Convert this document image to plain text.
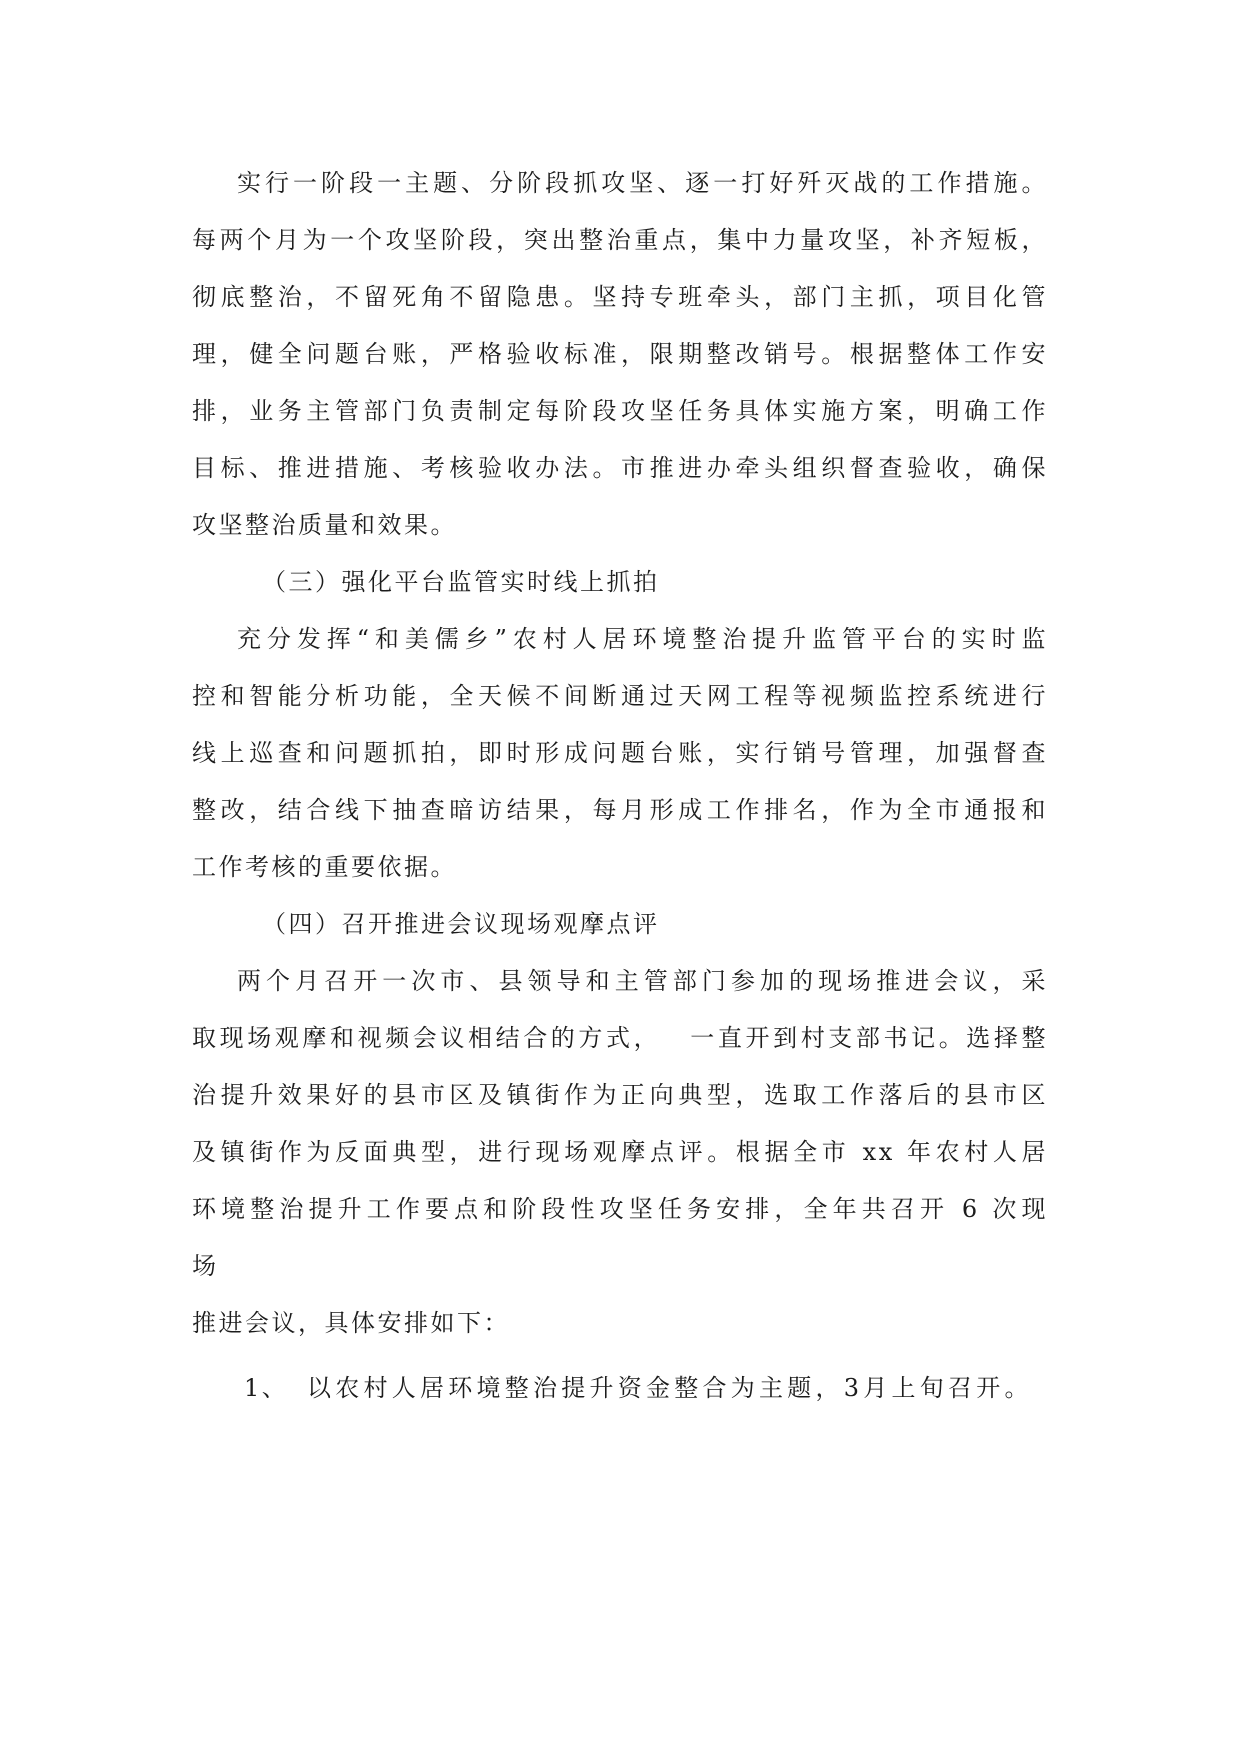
实行一阶段一主题、分阶段抓攻坚、逐一打好歼灭战的工作措施。
每两个月为一个攻坚阶段，突出整治重点，集中力量攻坚，补齐短板，
彻底整治，不留死角不留隐患。坚持专班牵头，部门主抓，项目化管
理，健全问题台账，严格验收标准，限期整改销号。根据整体工作安
排，业务主管部门负责制定每阶段攻坚任务具体实施方案，明确工作
目标、推进措施、考核验收办法。市推进办牵头组织督查验收，确保
攻坚整治质量和效果。
（三）强化平台监管实时线上抓拍
充分发挥“和美儒乡”农村人居环境整治提升监管平台的实时监
控和智能分析功能，全天候不间断通过天网工程等视频监控系统进行
线上巡查和问题抓拍，即时形成问题台账，实行销号管理，加强督查
整改，结合线下抽查暗访结果，每月形成工作排名，作为全市通报和
工作考核的重要依据。
（四）召开推进会议现场观摩点评
两个月召开一次市、县领导和主管部门参加的现场推进会议，采
取现场观摩和视频会议相结合的方式， 一直开到村支部书记。选择整
治提升效果好的县市区及镇街作为正向典型，选取工作落后的县市区
及镇街作为反面典型，进行现场观摩点评。根据全市 xx 年农村人居
环境整治提升工作要点和阶段性攻坚任务安排，全年共召开 6 次现
场
推进会议，具体安排如下：
1、 以农村人居环境整治提升资金整合为主题，3月上旬召开。
